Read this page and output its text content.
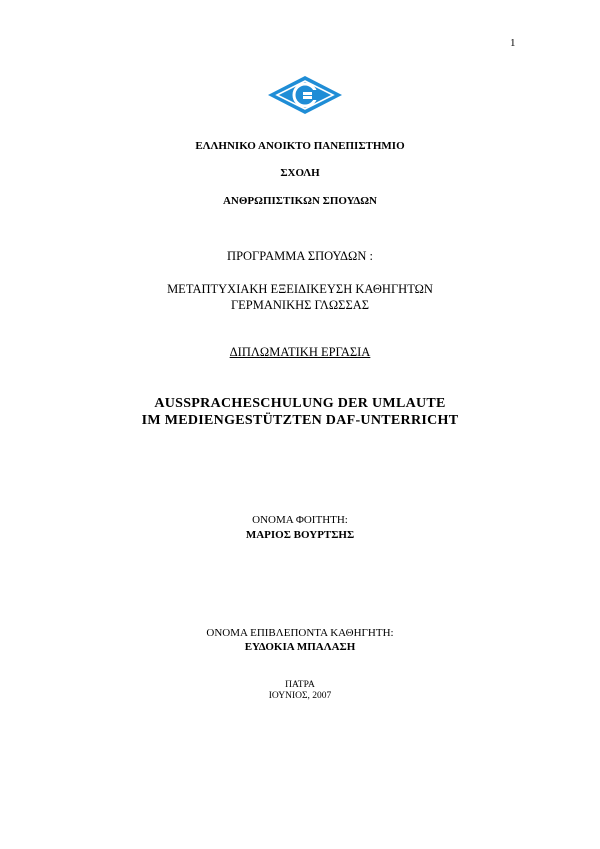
1
ΕΛΛΗΝΙΚΟ ΑΝΟΙΚΤΟ ΠΑΝΕΠΙΣΤΗΜΙΟ
ΣΧΟΛΗ
ΑΝΘΡΩΠΙΣΤΙΚΩΝ ΣΠΟΥΔΩΝ
ΠΡΟΓΡΑΜΜΑ ΣΠΟΥΔΩΝ :
ΜΕΤΑΠΤΥΧΙΑΚΗ ΕΞΕΙΔΙΚΕΥΣΗ ΚΑΘΗΓΗΤΩΝ
ΓΕΡΜΑΝΙΚΗΣ ΓΛΩΣΣΑΣ
ΔΙΠΛΩΜΑΤΙΚΗ ΕΡΓΑΣΙΑ
AUSSPRACHESCHULUNG DER UMLAUTE
IM MEDIENGESTÜTZTEN DAF-UNTERRICHT
ΟΝΟΜΑ ΦΟΙΤΗΤΗ:
ΜΑΡΙΟΣ ΒΟΥΡΤΣΗΣ
ΟΝΟΜΑ ΕΠΙΒΛΕΠΟΝΤΑ ΚΑΘΗΓΗΤΗ:
ΕΥΔΟΚΙΑ ΜΠΑΛΑΣΗ
ΠΑΤΡΑ
ΙΟΥΝΙΟΣ, 2007
